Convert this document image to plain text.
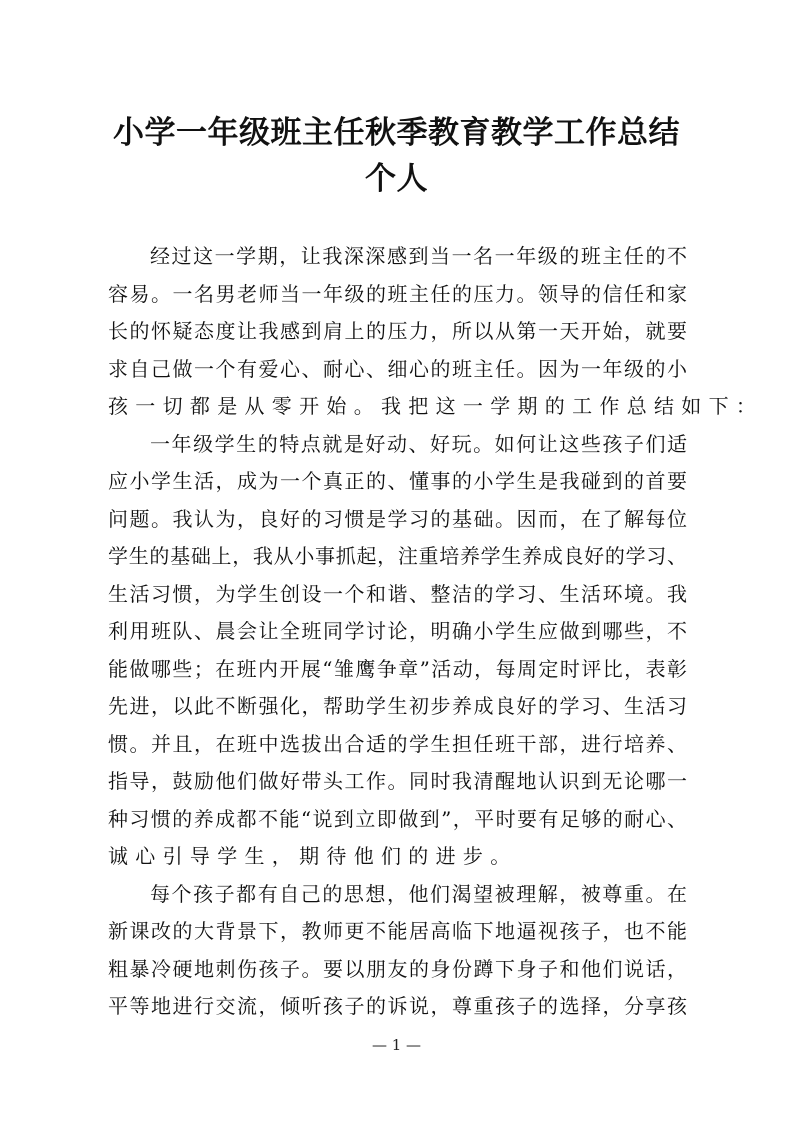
小学一年级班主任秋季教育教学工作总结
个人
经过这一学期，让我深深感到当一名一年级的班主任的不
容易。一名男老师当一年级的班主任的压力。领导的信任和家
长的怀疑态度让我感到肩上的压力，所以从第一天开始，就要
求自己做一个有爱心、耐心、细心的班主任。因为一年级的小
孩一切都是从零开始。我把这一学期的工作总结如下：
一年级学生的特点就是好动、好玩。如何让这些孩子们适
应小学生活，成为一个真正的、懂事的小学生是我碰到的首要
问题。我认为，良好的习惯是学习的基础。因而，在了解每位
学生的基础上，我从小事抓起，注重培养学生养成良好的学习、
生活习惯，为学生创设一个和谐、整洁的学习、生活环境。我
利用班队、晨会让全班同学讨论，明确小学生应做到哪些，不
能做哪些；在班内开展“雏鹰争章”活动，每周定时评比，表彰
先进，以此不断强化，帮助学生初步养成良好的学习、生活习
惯。并且，在班中选拔出合适的学生担任班干部，进行培养、
指导，鼓励他们做好带头工作。同时我清醒地认识到无论哪一
种习惯的养成都不能“说到立即做到”，平时要有足够的耐心、
诚心引导学生，期待他们的进步。
每个孩子都有自己的思想，他们渴望被理解，被尊重。在
新课改的大背景下，教师更不能居高临下地逼视孩子，也不能
粗暴冷硬地刺伤孩子。要以朋友的身份蹲下身子和他们说话，
平等地进行交流，倾听孩子的诉说，尊重孩子的选择，分享孩
— 1 —
